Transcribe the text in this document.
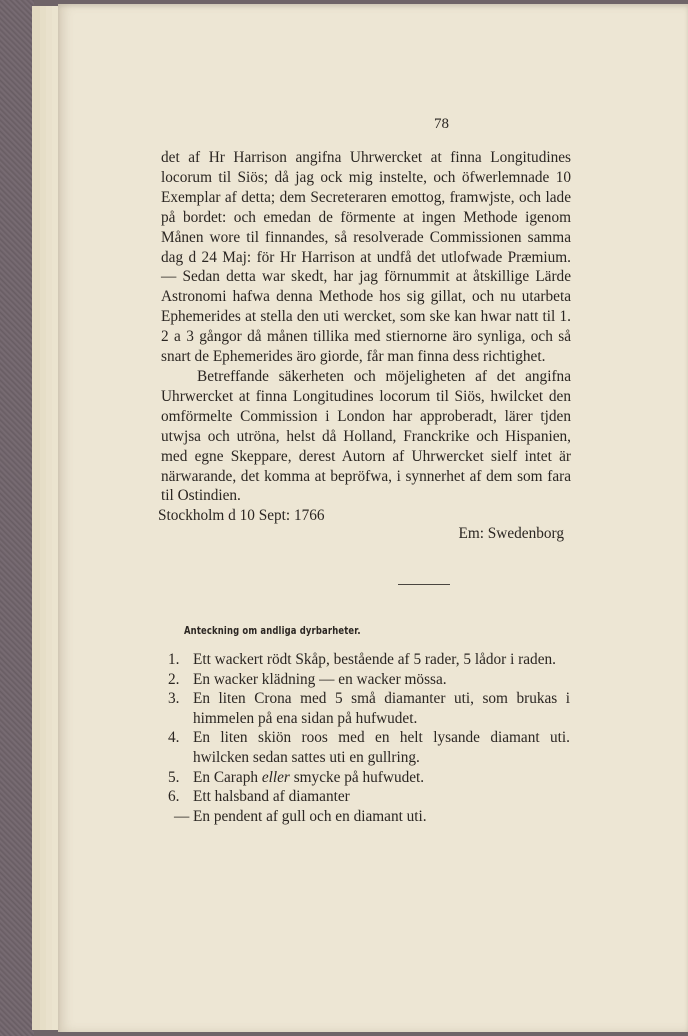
78

det af Hr Harrison angifna Uhrwercket at finna Longitudines locorum til Siös; då jag ock mig instelte, och öfwerlemnade 10 Exemplar af detta; dem Secreteraren emottog, framwjste, och lade på bordet: och emedan de förmente at ingen Methode igenom Månen wore til finnandes, så resolverade Commissionen samma dag d 24 Maj: för Hr Harrison at undfå det utlofwade Præmium. — Sedan detta war skedt, har jag förnummit at åtskillige Lärde Astronomi hafwa denna Methode hos sig gillat, och nu utarbeta Ephemerides at stella den uti wercket, som ske kan hwar natt til 1. 2 a 3 gångor då månen tillika med stiernorne äro synliga, och så snart de Ephemerides äro giorde, får man finna dess richtighet.

Betreffande säkerheten och möjeligheten af det angifna Uhrwercket at finna Longitudines locorum til Siös, hwilcket den omförmelte Commission i London har approberadt, lärer tjden utwjsa och utröna, helst då Holland, Franckrike och Hispanien, med egne Skeppare, derest Autorn af Uhrwercket sielf intet är närwarande, det komma at bepröfwa, i synnerhet af dem som fara til Ostindien.

Stockholm d 10 Sept: 1766
Em: Swedenborg
Anteckning om andliga dyrbarheter.
1. Ett wackert rödt Skåp, bestående af 5 rader, 5 lådor i raden.
2. En wacker klädning — en wacker mössa.
3. En liten Crona med 5 små diamanter uti, som brukas i himmelen på ena sidan på hufwudet.
4. En liten skiön roos med en helt lysande diamant uti. hwilcken sedan sattes uti en gullring.
5. En Caraph eller smycke på hufwudet.
6. Ett halsband af diamanter
— En pendent af gull och en diamant uti.
